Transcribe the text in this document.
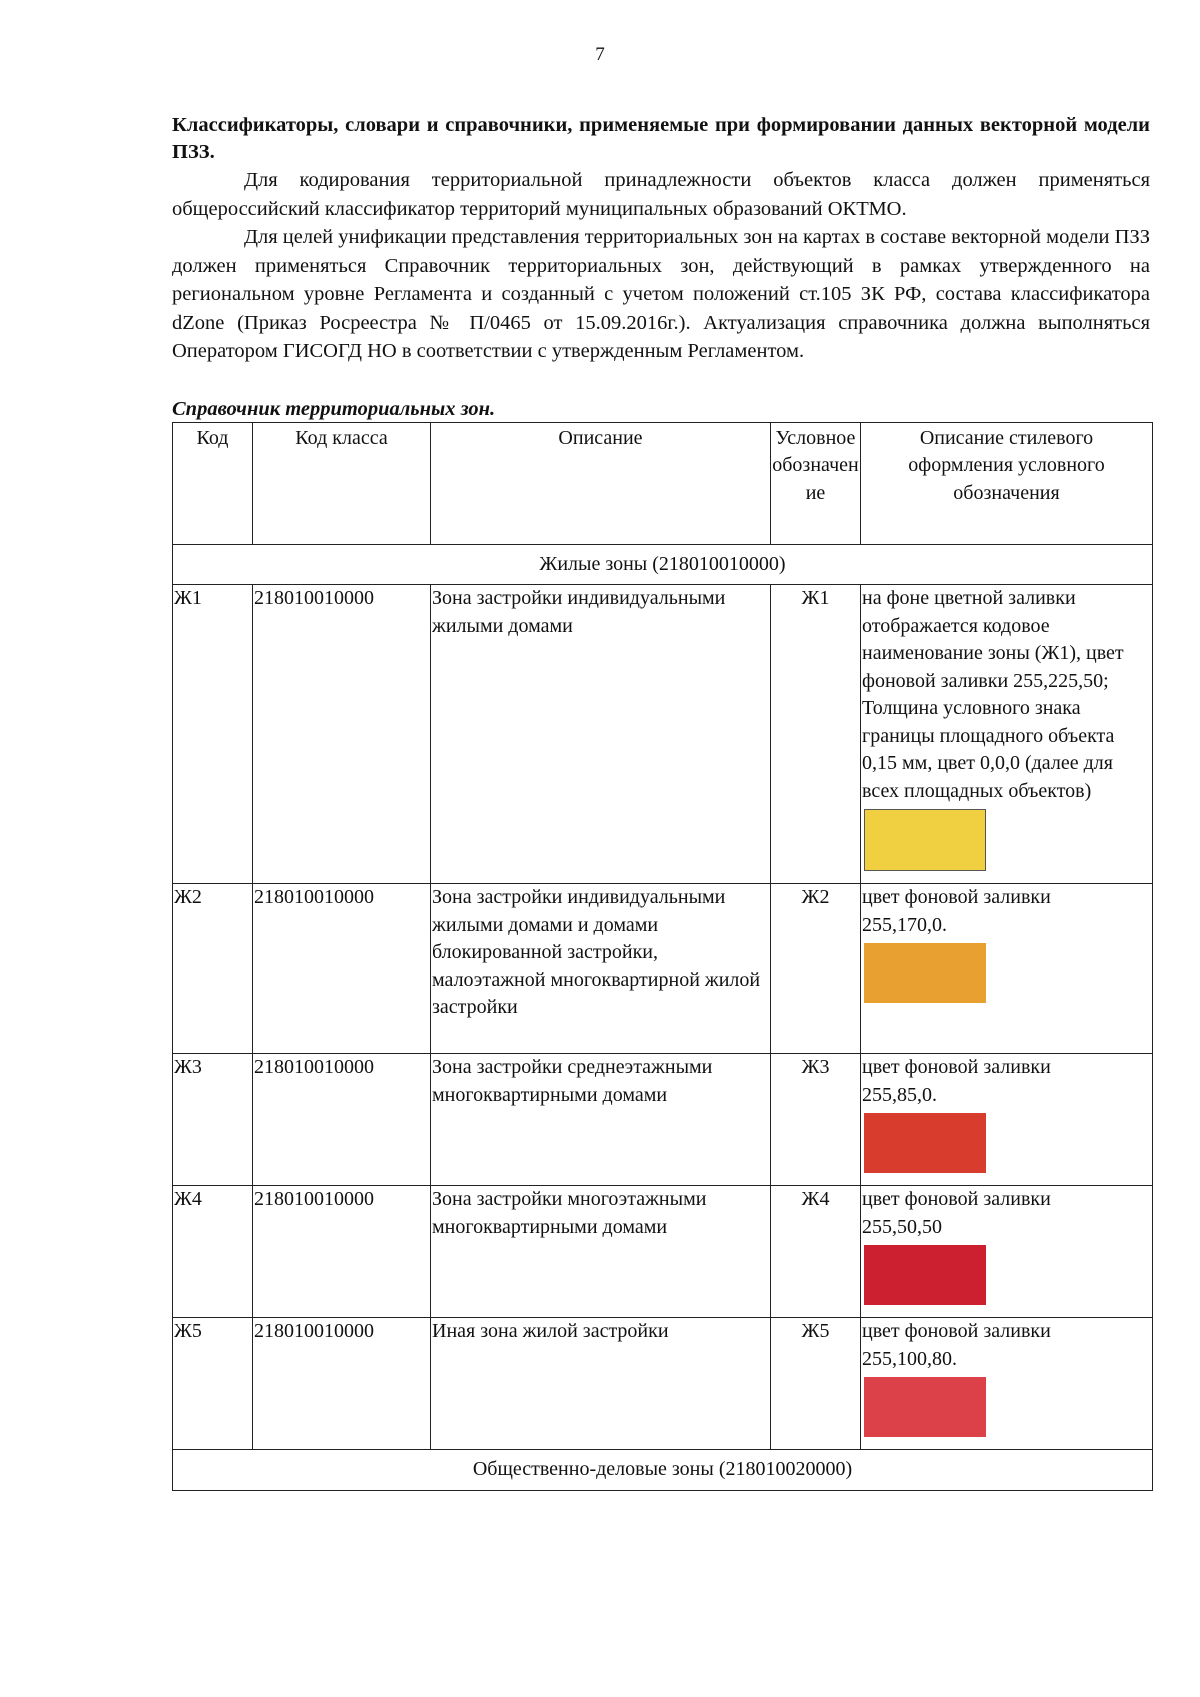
7

Классификаторы, словари и справочники, применяемые при формировании данных векторной модели ПЗЗ.

Для кодирования территориальной принадлежности объектов класса должен применяться общероссийский классификатор территорий муниципальных образований ОКТМО.

Для целей унификации представления территориальных зон на картах в составе векторной модели ПЗЗ должен применяться Справочник территориальных зон, действующий в рамках утвержденного на региональном уровне Регламента и созданный с учетом положений ст.105 ЗК РФ, состава классификатора dZone (Приказ Росреестра № П/0465 от 15.09.2016г.). Актуализация справочника должна выполняться Оператором ГИСОГД НО в соответствии с утвержденным Регламентом.

Справочник территориальных зон.

Код	Код класса	Описание	Условное обозначение	Описание стилевого оформления условного обозначения
Жилые зоны (218010010000)				
Ж1	218010010000	Зона застройки индивидуальными жилыми домами	Ж1	на фоне цветной заливки отображается кодовое наименование зоны (Ж1), цвет фоновой заливки 255,225,50; Толщина условного знака границы площадного объекта 0,15 мм, цвет 0,0,0 (далее для всех площадных объектов)

Ж2	218010010000	Зона застройки индивидуальными жилыми домами и домами блокированной застройки, малоэтажной многоквартирной жилой застройки	Ж2	цвет фоновой заливки 255,170,0.

Ж3	218010010000	Зона застройки среднеэтажными многоквартирными домами	Ж3	цвет фоновой заливки 255,85,0.

Ж4	218010010000	Зона застройки многоэтажными многоквартирными домами	Ж4	цвет фоновой заливки 255,50,50

Ж5	218010010000	Иная зона жилой застройки	Ж5	цвет фоновой заливки 255,100,80.

Общественно-деловые зоны (218010020000)				
